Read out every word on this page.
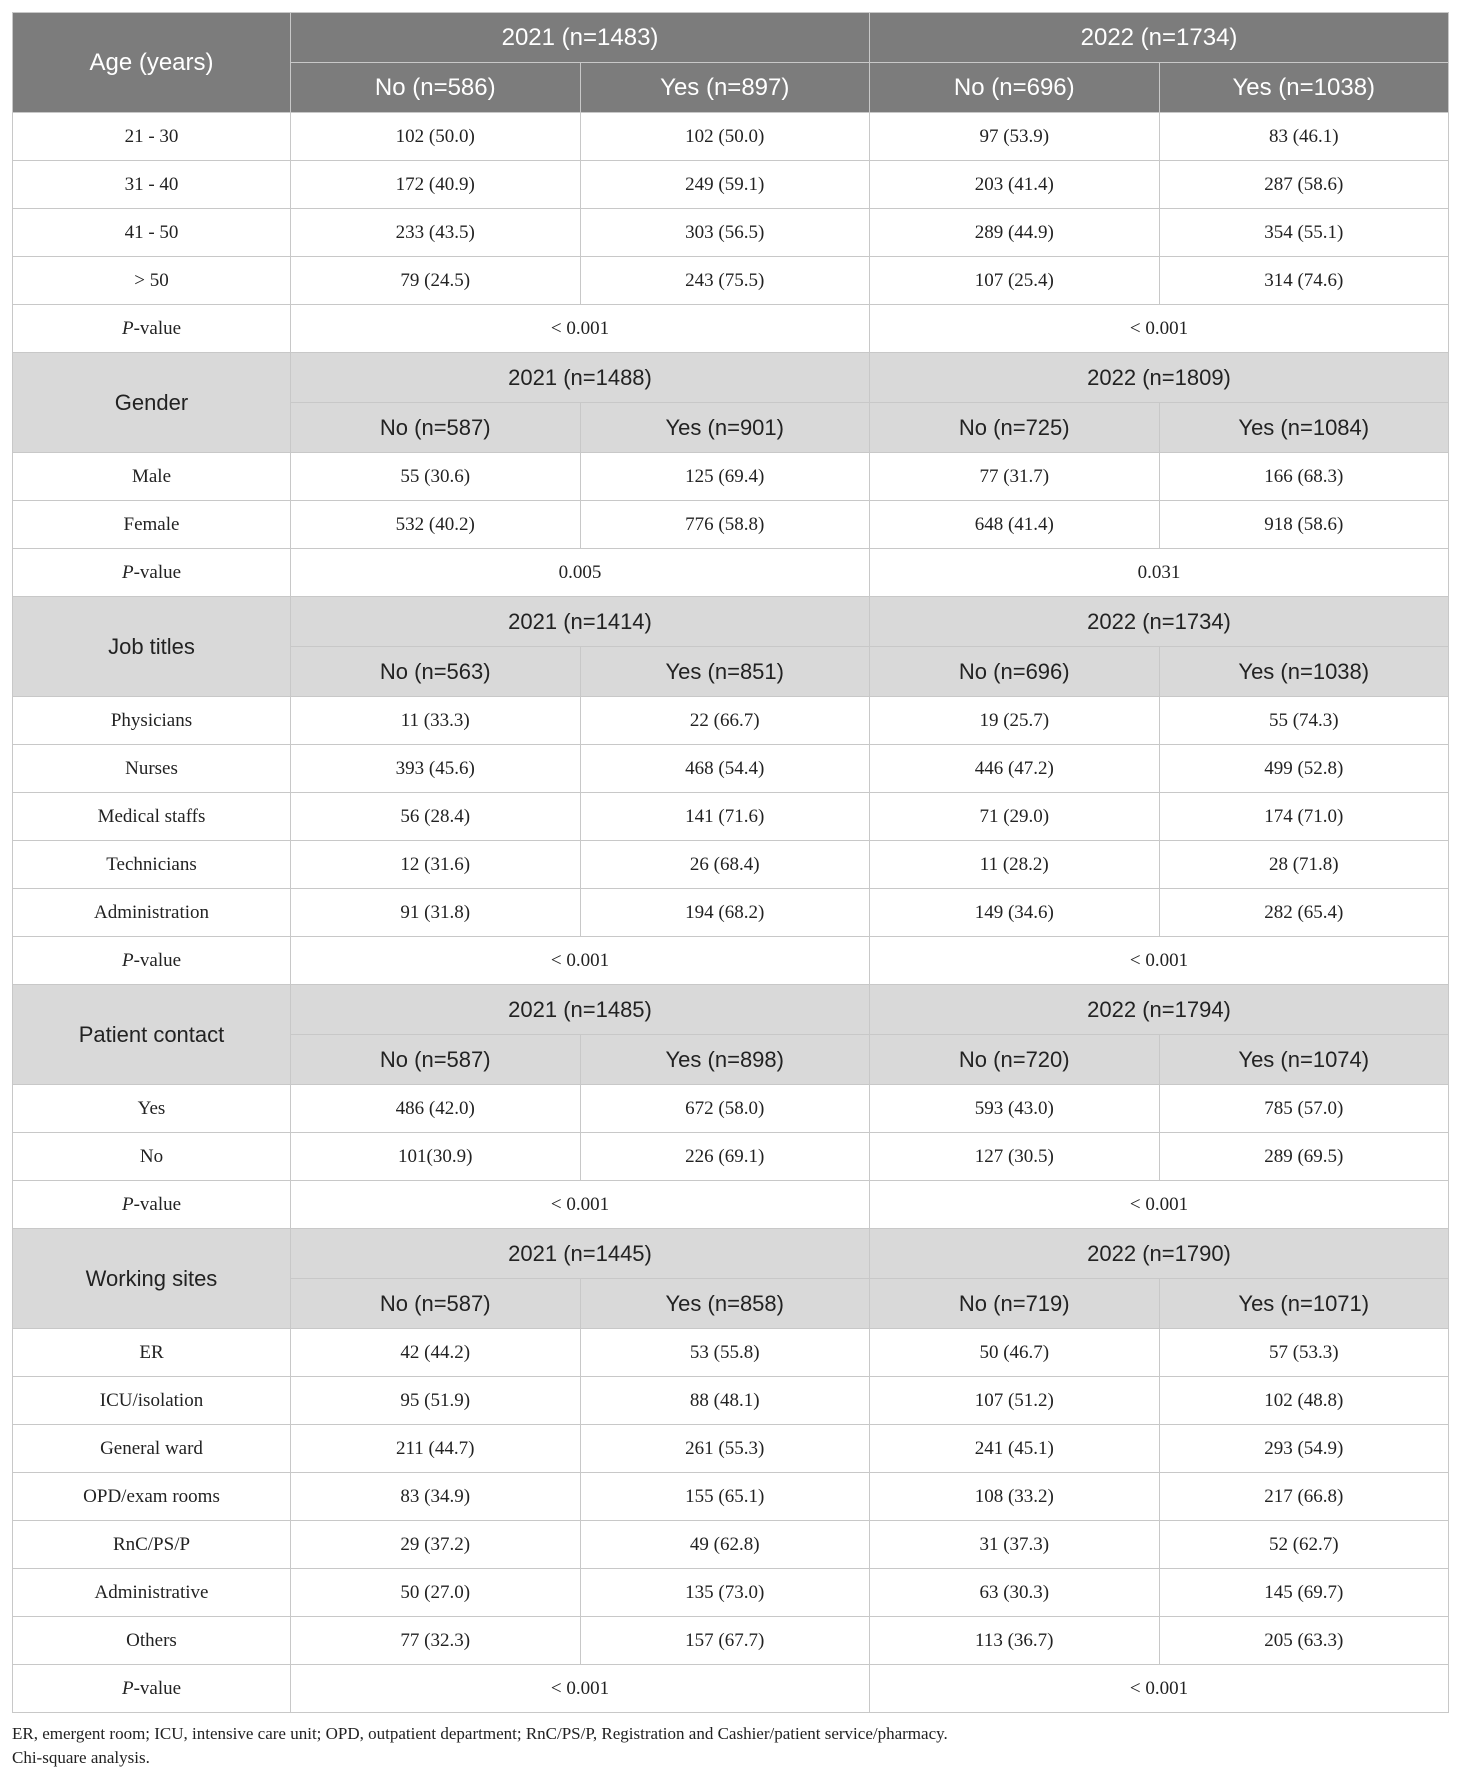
Age (years)	2021 (n=1483)		2022 (n=1734)	
	No (n=586)	Yes (n=897)	No (n=696)	Yes (n=1038)
21 - 30	102 (50.0)	102 (50.0)	97 (53.9)	83 (46.1)
31 - 40	172 (40.9)	249 (59.1)	203 (41.4)	287 (58.6)
41 - 50	233 (43.5)	303 (56.5)	289 (44.9)	354 (55.1)
> 50	79 (24.5)	243 (75.5)	107 (25.4)	314 (74.6)
P-value	< 0.001		< 0.001	
Gender	2021 (n=1488)		2022 (n=1809)	
	No (n=587)	Yes (n=901)	No (n=725)	Yes (n=1084)
Male	55 (30.6)	125 (69.4)	77 (31.7)	166 (68.3)
Female	532 (40.2)	776 (58.8)	648 (41.4)	918 (58.6)
P-value	0.005		0.031	
Job titles	2021 (n=1414)		2022 (n=1734)	
	No (n=563)	Yes (n=851)	No (n=696)	Yes (n=1038)
Physicians	11 (33.3)	22 (66.7)	19 (25.7)	55 (74.3)
Nurses	393 (45.6)	468 (54.4)	446 (47.2)	499 (52.8)
Medical staffs	56 (28.4)	141 (71.6)	71 (29.0)	174 (71.0)
Technicians	12 (31.6)	26 (68.4)	11 (28.2)	28 (71.8)
Administration	91 (31.8)	194 (68.2)	149 (34.6)	282 (65.4)
P-value	< 0.001		< 0.001	
Patient contact	2021 (n=1485)		2022 (n=1794)	
	No (n=587)	Yes (n=898)	No (n=720)	Yes (n=1074)
Yes	486 (42.0)	672 (58.0)	593 (43.0)	785 (57.0)
No	101(30.9)	226 (69.1)	127 (30.5)	289 (69.5)
P-value	< 0.001		< 0.001	
Working sites	2021 (n=1445)		2022 (n=1790)	
	No (n=587)	Yes (n=858)	No (n=719)	Yes (n=1071)
ER	42 (44.2)	53 (55.8)	50 (46.7)	57 (53.3)
ICU/isolation	95 (51.9)	88 (48.1)	107 (51.2)	102 (48.8)
General ward	211 (44.7)	261 (55.3)	241 (45.1)	293 (54.9)
OPD/exam rooms	83 (34.9)	155 (65.1)	108 (33.2)	217 (66.8)
RnC/PS/P	29 (37.2)	49 (62.8)	31 (37.3)	52 (62.7)
Administrative	50 (27.0)	135 (73.0)	63 (30.3)	145 (69.7)
Others	77 (32.3)	157 (67.7)	113 (36.7)	205 (63.3)
P-value	< 0.001		< 0.001	
ER, emergent room; ICU, intensive care unit; OPD, outpatient department; RnC/PS/P, Registration and Cashier/patient service/pharmacy.
Chi-square analysis.
